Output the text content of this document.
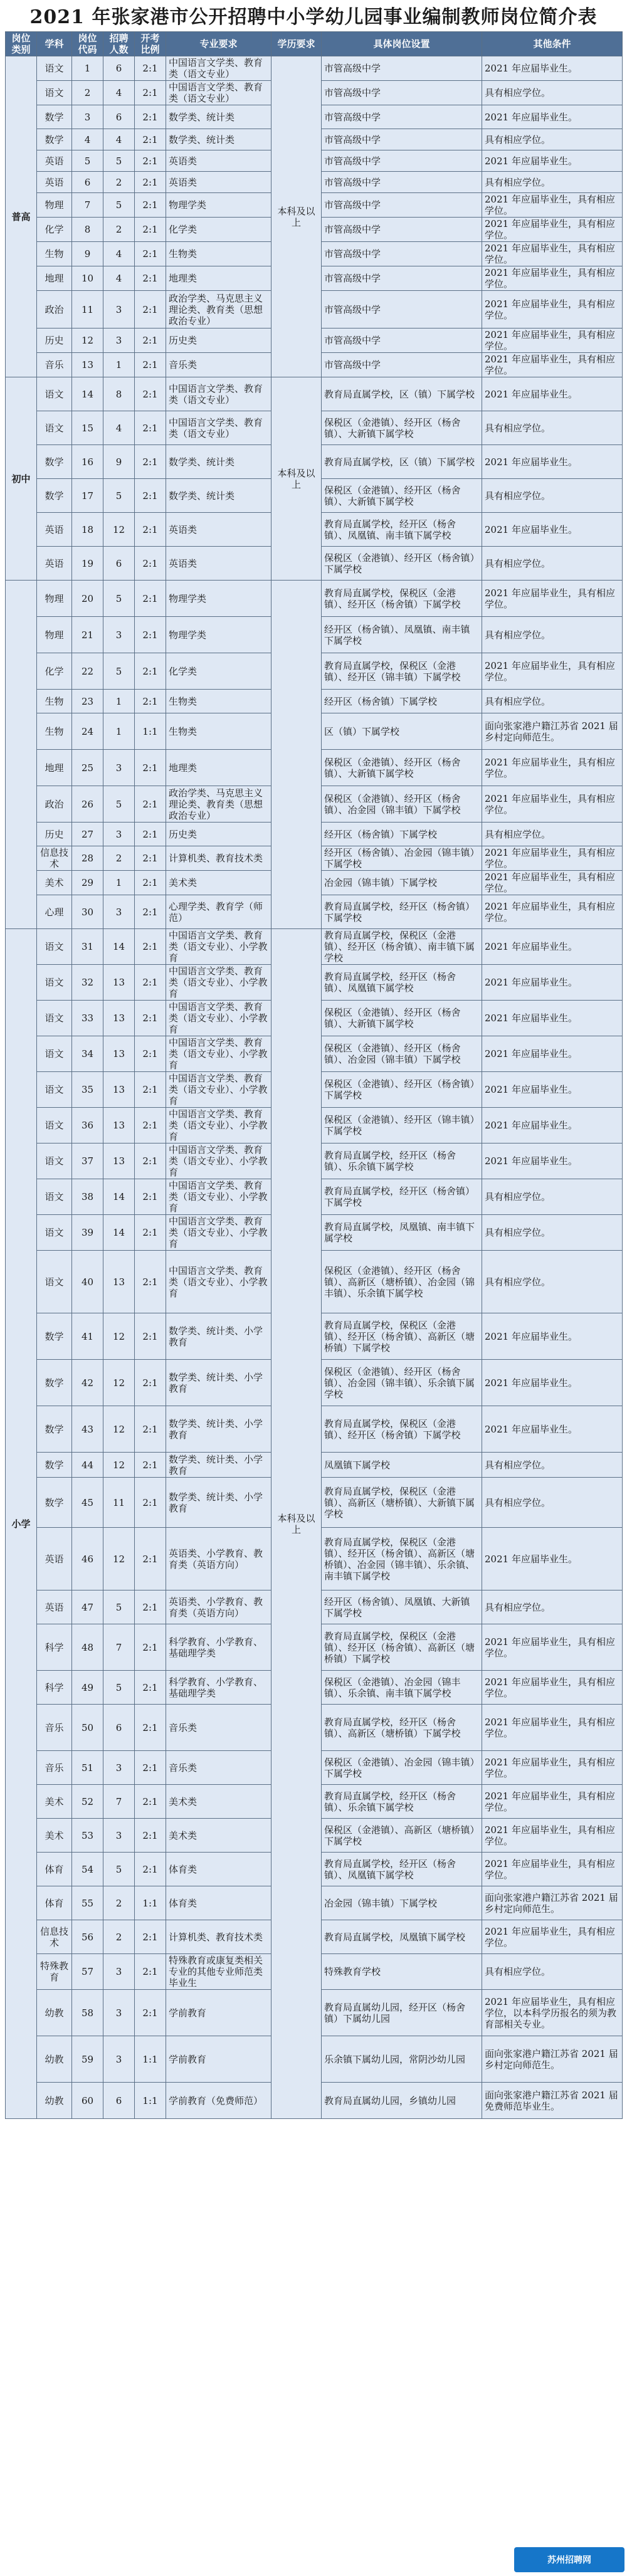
2021 年张家港市公开招聘中小学幼儿园事业编制教师岗位简介表
岗位类别	学科	岗位代码	招聘人数	开考比例	专业要求	学历要求	具体岗位设置	其他条件
普高	语文	1	6	2:1	中国语言文学类、教育类（语文专业）	本科及以上	市管高级中学	2021 年应届毕业生。
	语文	2	4	2:1	中国语言文学类、教育类（语文专业）		市管高级中学	具有相应学位。
	数学	3	6	2:1	数学类、统计类		市管高级中学	2021 年应届毕业生。
	数学	4	4	2:1	数学类、统计类		市管高级中学	具有相应学位。
	英语	5	5	2:1	英语类		市管高级中学	2021 年应届毕业生。
	英语	6	2	2:1	英语类		市管高级中学	具有相应学位。
	物理	7	5	2:1	物理学类		市管高级中学	2021 年应届毕业生，具有相应学位。
	化学	8	2	2:1	化学类		市管高级中学	2021 年应届毕业生，具有相应学位。
	生物	9	4	2:1	生物类		市管高级中学	2021 年应届毕业生，具有相应学位。
	地理	10	4	2:1	地理类		市管高级中学	2021 年应届毕业生，具有相应学位。
	政治	11	3	2:1	政治学类、马克思主义理论类、教育类（思想政治专业）		市管高级中学	2021 年应届毕业生，具有相应学位。
	历史	12	3	2:1	历史类		市管高级中学	2021 年应届毕业生，具有相应学位。
	音乐	13	1	2:1	音乐类		市管高级中学	2021 年应届毕业生，具有相应学位。
初中	语文	14	8	2:1	中国语言文学类、教育类（语文专业）	本科及以上	教育局直属学校，区（镇）下属学校	2021 年应届毕业生。
	语文	15	4	2:1	中国语言文学类、教育类（语文专业）		保税区（金港镇）、经开区（杨舍镇）、大新镇下属学校	具有相应学位。
	数学	16	9	2:1	数学类、统计类		教育局直属学校，区（镇）下属学校	2021 年应届毕业生。
	数学	17	5	2:1	数学类、统计类		保税区（金港镇）、经开区（杨舍镇）、大新镇下属学校	具有相应学位。
	英语	18	12	2:1	英语类		教育局直属学校，经开区（杨舍镇）、凤凰镇、南丰镇下属学校	2021 年应届毕业生。
	英语	19	6	2:1	英语类		保税区（金港镇）、经开区（杨舍镇）下属学校	具有相应学位。
	物理	20	5	2:1	物理学类		教育局直属学校，保税区（金港镇）、经开区（杨舍镇）下属学校	2021 年应届毕业生，具有相应学位。
	物理	21	3	2:1	物理学类		经开区（杨舍镇）、凤凰镇、南丰镇下属学校	具有相应学位。
	化学	22	5	2:1	化学类		教育局直属学校，保税区（金港镇）、经开区（锦丰镇）下属学校	2021 年应届毕业生，具有相应学位。
	生物	23	1	2:1	生物类		经开区（杨舍镇）下属学校	具有相应学位。
	生物	24	1	1:1	生物类		区（镇）下属学校	面向张家港户籍江苏省 2021 届乡村定向师范生。
	地理	25	3	2:1	地理类		保税区（金港镇）、经开区（杨舍镇）、大新镇下属学校	2021 年应届毕业生，具有相应学位。
	政治	26	5	2:1	政治学类、马克思主义理论类、教育类（思想政治专业）		保税区（金港镇）、经开区（杨舍镇）、冶金园（锦丰镇）下属学校	2021 年应届毕业生，具有相应学位。
	历史	27	3	2:1	历史类		经开区（杨舍镇）下属学校	具有相应学位。
	信息技术	28	2	2:1	计算机类、教育技术类		经开区（杨舍镇）、冶金园（锦丰镇）下属学校	2021 年应届毕业生，具有相应学位。
	美术	29	1	2:1	美术类		冶金园（锦丰镇）下属学校	2021 年应届毕业生，具有相应学位。
	心理	30	3	2:1	心理学类、教育学（师范）		教育局直属学校，经开区（杨舍镇）下属学校	2021 年应届毕业生，具有相应学位。
小学	语文	31	14	2:1	中国语言文学类、教育类（语文专业）、小学教育	本科及以上	教育局直属学校，保税区（金港镇）、经开区（杨舍镇）、南丰镇下属学校	2021 年应届毕业生。
	语文	32	13	2:1	中国语言文学类、教育类（语文专业）、小学教育		教育局直属学校，经开区（杨舍镇）、凤凰镇下属学校	2021 年应届毕业生。
	语文	33	13	2:1	中国语言文学类、教育类（语文专业）、小学教育		保税区（金港镇）、经开区（杨舍镇）、大新镇下属学校	2021 年应届毕业生。
	语文	34	13	2:1	中国语言文学类、教育类（语文专业）、小学教育		保税区（金港镇）、经开区（杨舍镇）、冶金园（锦丰镇）下属学校	2021 年应届毕业生。
	语文	35	13	2:1	中国语言文学类、教育类（语文专业）、小学教育		保税区（金港镇）、经开区（杨舍镇）下属学校	2021 年应届毕业生。
	语文	36	13	2:1	中国语言文学类、教育类（语文专业）、小学教育		保税区（金港镇）、经开区（锦丰镇）下属学校	2021 年应届毕业生。
	语文	37	13	2:1	中国语言文学类、教育类（语文专业）、小学教育		教育局直属学校，经开区（杨舍镇）、乐余镇下属学校	2021 年应届毕业生。
	语文	38	14	2:1	中国语言文学类、教育类（语文专业）、小学教育		教育局直属学校，经开区（杨舍镇）下属学校	具有相应学位。
	语文	39	14	2:1	中国语言文学类、教育类（语文专业）、小学教育		教育局直属学校，凤凰镇、南丰镇下属学校	具有相应学位。
	语文	40	13	2:1	中国语言文学类、教育类（语文专业）、小学教育		保税区（金港镇）、经开区（杨舍镇）、高新区（塘桥镇）、冶金园（锦丰镇）、乐余镇下属学校	具有相应学位。
	数学	41	12	2:1	数学类、统计类、小学教育		教育局直属学校，保税区（金港镇）、经开区（杨舍镇）、高新区（塘桥镇）下属学校	2021 年应届毕业生。
	数学	42	12	2:1	数学类、统计类、小学教育		保税区（金港镇）、经开区（杨舍镇）、冶金园（锦丰镇）、乐余镇下属学校	2021 年应届毕业生。
	数学	43	12	2:1	数学类、统计类、小学教育		教育局直属学校，保税区（金港镇）、经开区（杨舍镇）下属学校	2021 年应届毕业生。
	数学	44	12	2:1	数学类、统计类、小学教育		凤凰镇下属学校	具有相应学位。
	数学	45	11	2:1	数学类、统计类、小学教育		教育局直属学校，保税区（金港镇）、高新区（塘桥镇）、大新镇下属学校	具有相应学位。
	英语	46	12	2:1	英语类、小学教育、教育类（英语方向）		教育局直属学校，保税区（金港镇）、经开区（杨舍镇）、高新区（塘桥镇）、冶金园（锦丰镇）、乐余镇、南丰镇下属学校	2021 年应届毕业生。
	英语	47	5	2:1	英语类、小学教育、教育类（英语方向）		经开区（杨舍镇）、凤凰镇、大新镇下属学校	具有相应学位。
	科学	48	7	2:1	科学教育、小学教育、基础理学类		教育局直属学校，保税区（金港镇）、经开区（杨舍镇）、高新区（塘桥镇）下属学校	2021 年应届毕业生，具有相应学位。
	科学	49	5	2:1	科学教育、小学教育、基础理学类		保税区（金港镇）、冶金园（锦丰镇）、乐余镇、南丰镇下属学校	2021 年应届毕业生，具有相应学位。
	音乐	50	6	2:1	音乐类		教育局直属学校，经开区（杨舍镇）、高新区（塘桥镇）下属学校	2021 年应届毕业生，具有相应学位。
	音乐	51	3	2:1	音乐类		保税区（金港镇）、冶金园（锦丰镇）下属学校	2021 年应届毕业生，具有相应学位。
	美术	52	7	2:1	美术类		教育局直属学校，经开区（杨舍镇）、乐余镇下属学校	2021 年应届毕业生，具有相应学位。
	美术	53	3	2:1	美术类		保税区（金港镇）、高新区（塘桥镇）下属学校	2021 年应届毕业生，具有相应学位。
	体育	54	5	2:1	体育类		教育局直属学校，经开区（杨舍镇）、凤凰镇下属学校	2021 年应届毕业生，具有相应学位。
	体育	55	2	1:1	体育类		冶金园（锦丰镇）下属学校	面向张家港户籍江苏省 2021 届乡村定向师范生。
	信息技术	56	2	2:1	计算机类、教育技术类		教育局直属学校，凤凰镇下属学校	2021 年应届毕业生，具有相应学位。
	特殊教育	57	3	2:1	特殊教育或康复类相关专业的其他专业师范类毕业生		特殊教育学校	具有相应学位。
	幼教	58	3	2:1	学前教育		教育局直属幼儿园，经开区（杨舍镇）下属幼儿园	2021 年应届毕业生，具有相应学位，以本科学历报名的须为教育部相关专业。
	幼教	59	3	1:1	学前教育		乐余镇下属幼儿园，常阴沙幼儿园	面向张家港户籍江苏省 2021 届乡村定向师范生。
	幼教	60	6	1:1	学前教育（免费师范）		教育局直属幼儿园，乡镇幼儿园	面向张家港户籍江苏省 2021 届免费师范毕业生。
苏州招聘网
